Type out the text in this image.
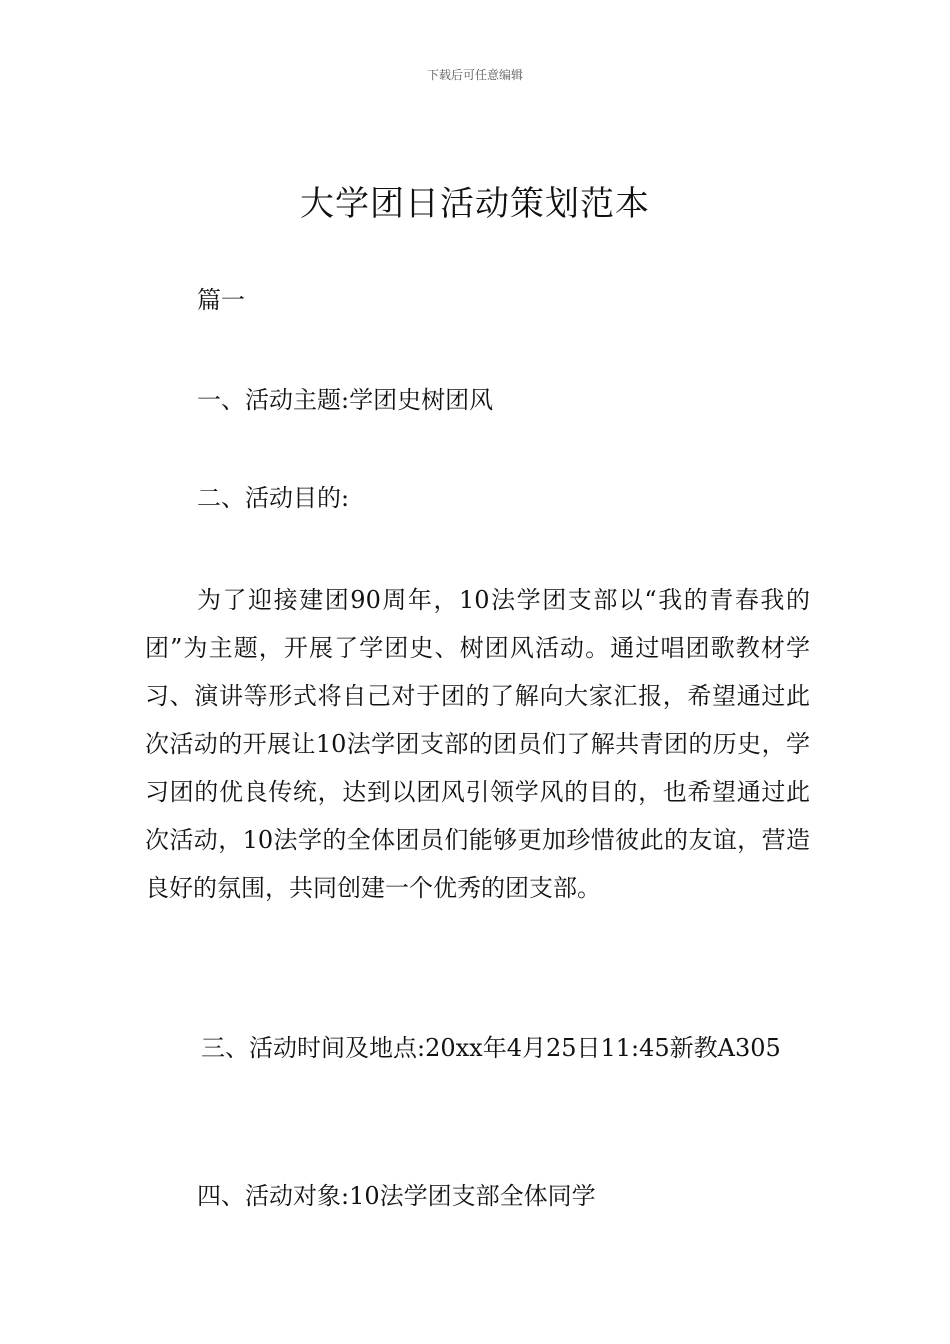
下载后可任意编辑
大学团日活动策划范本

篇一

一、活动主题:学团史树团风

二、活动目的:

为了迎接建团90周年，10法学团支部以“我的青春我的团”为主题，开展了学团史、树团风活动。通过唱团歌教材学习、演讲等形式将自己对于团的了解向大家汇报，希望通过此次活动的开展让10法学团支部的团员们了解共青团的历史，学习团的优良传统，达到以团风引领学风的目的，也希望通过此次活动，10法学的全体团员们能够更加珍惜彼此的友谊，营造良好的氛围，共同创建一个优秀的团支部。

三、活动时间及地点:20xx年4月25日11:45新教A305

四、活动对象:10法学团支部全体同学
